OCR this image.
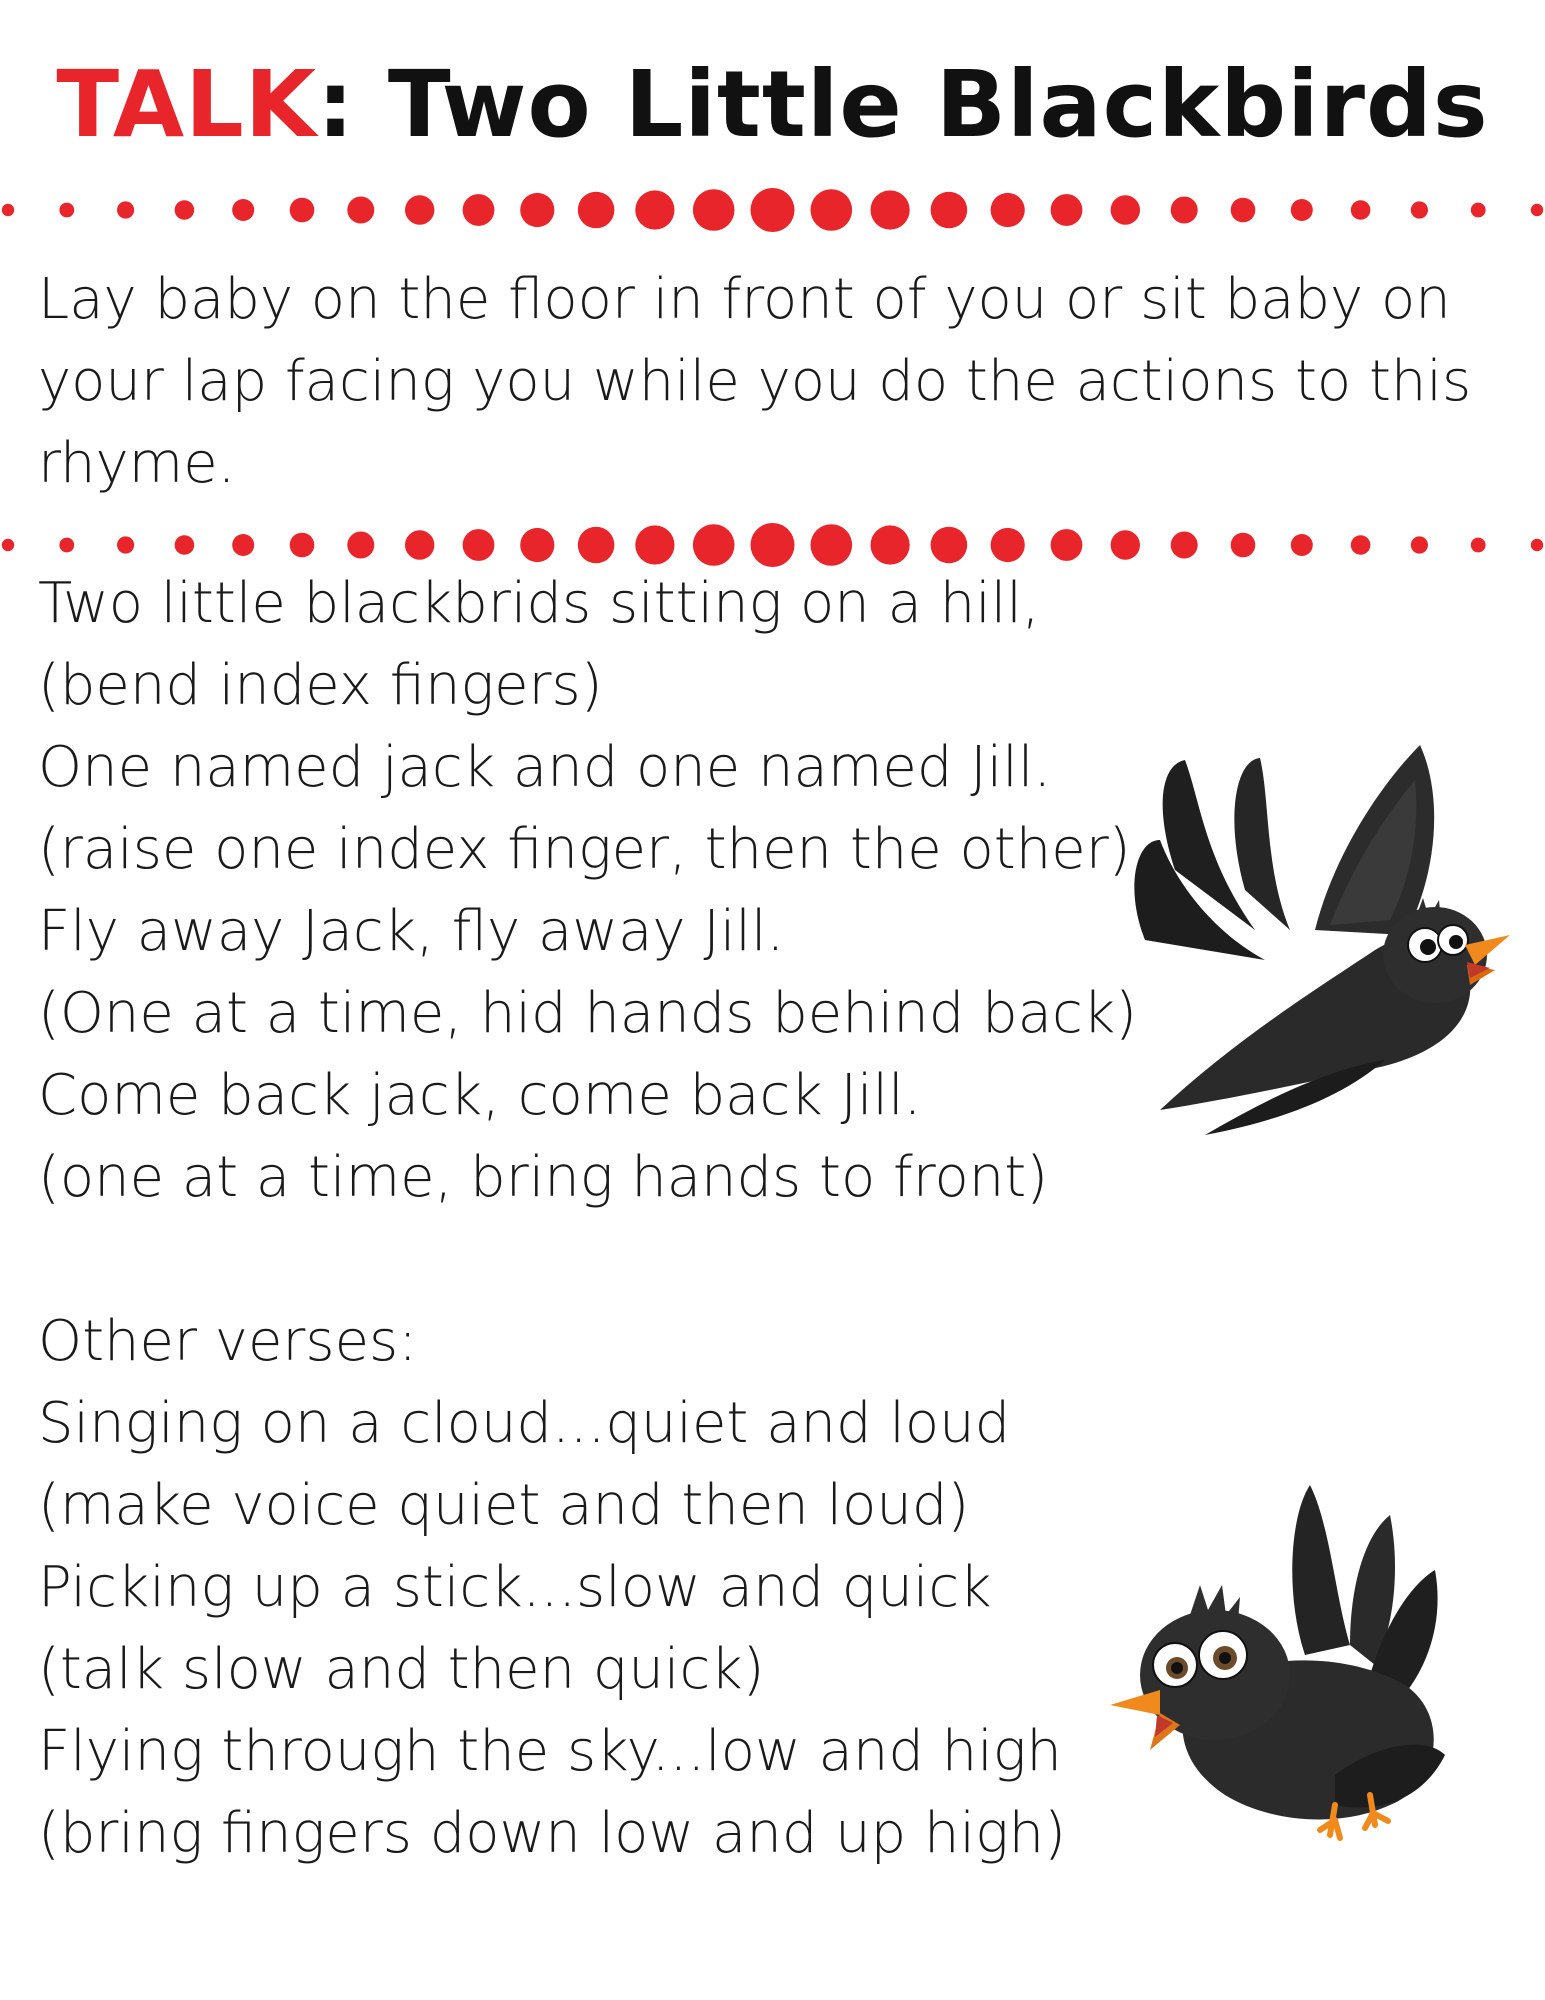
TALK: Two Little Blackbirds
Lay baby on the floor in front of you or sit baby on
your lap facing you while you do the actions to this
rhyme.
Two little blackbrids sitting on a hill,
(bend index fingers)
One named jack and one named Jill.
(raise one index finger, then the other)
Fly away Jack, fly away Jill.
(One at a time, hid hands behind back)
Come back jack, come back Jill.
(one at a time, bring hands to front)
Other verses:
Singing on a cloud...quiet and loud
(make voice quiet and then loud)
Picking up a stick...slow and quick
(talk slow and then quick)
Flying through the sky...low and high
(bring fingers down low and up high)
